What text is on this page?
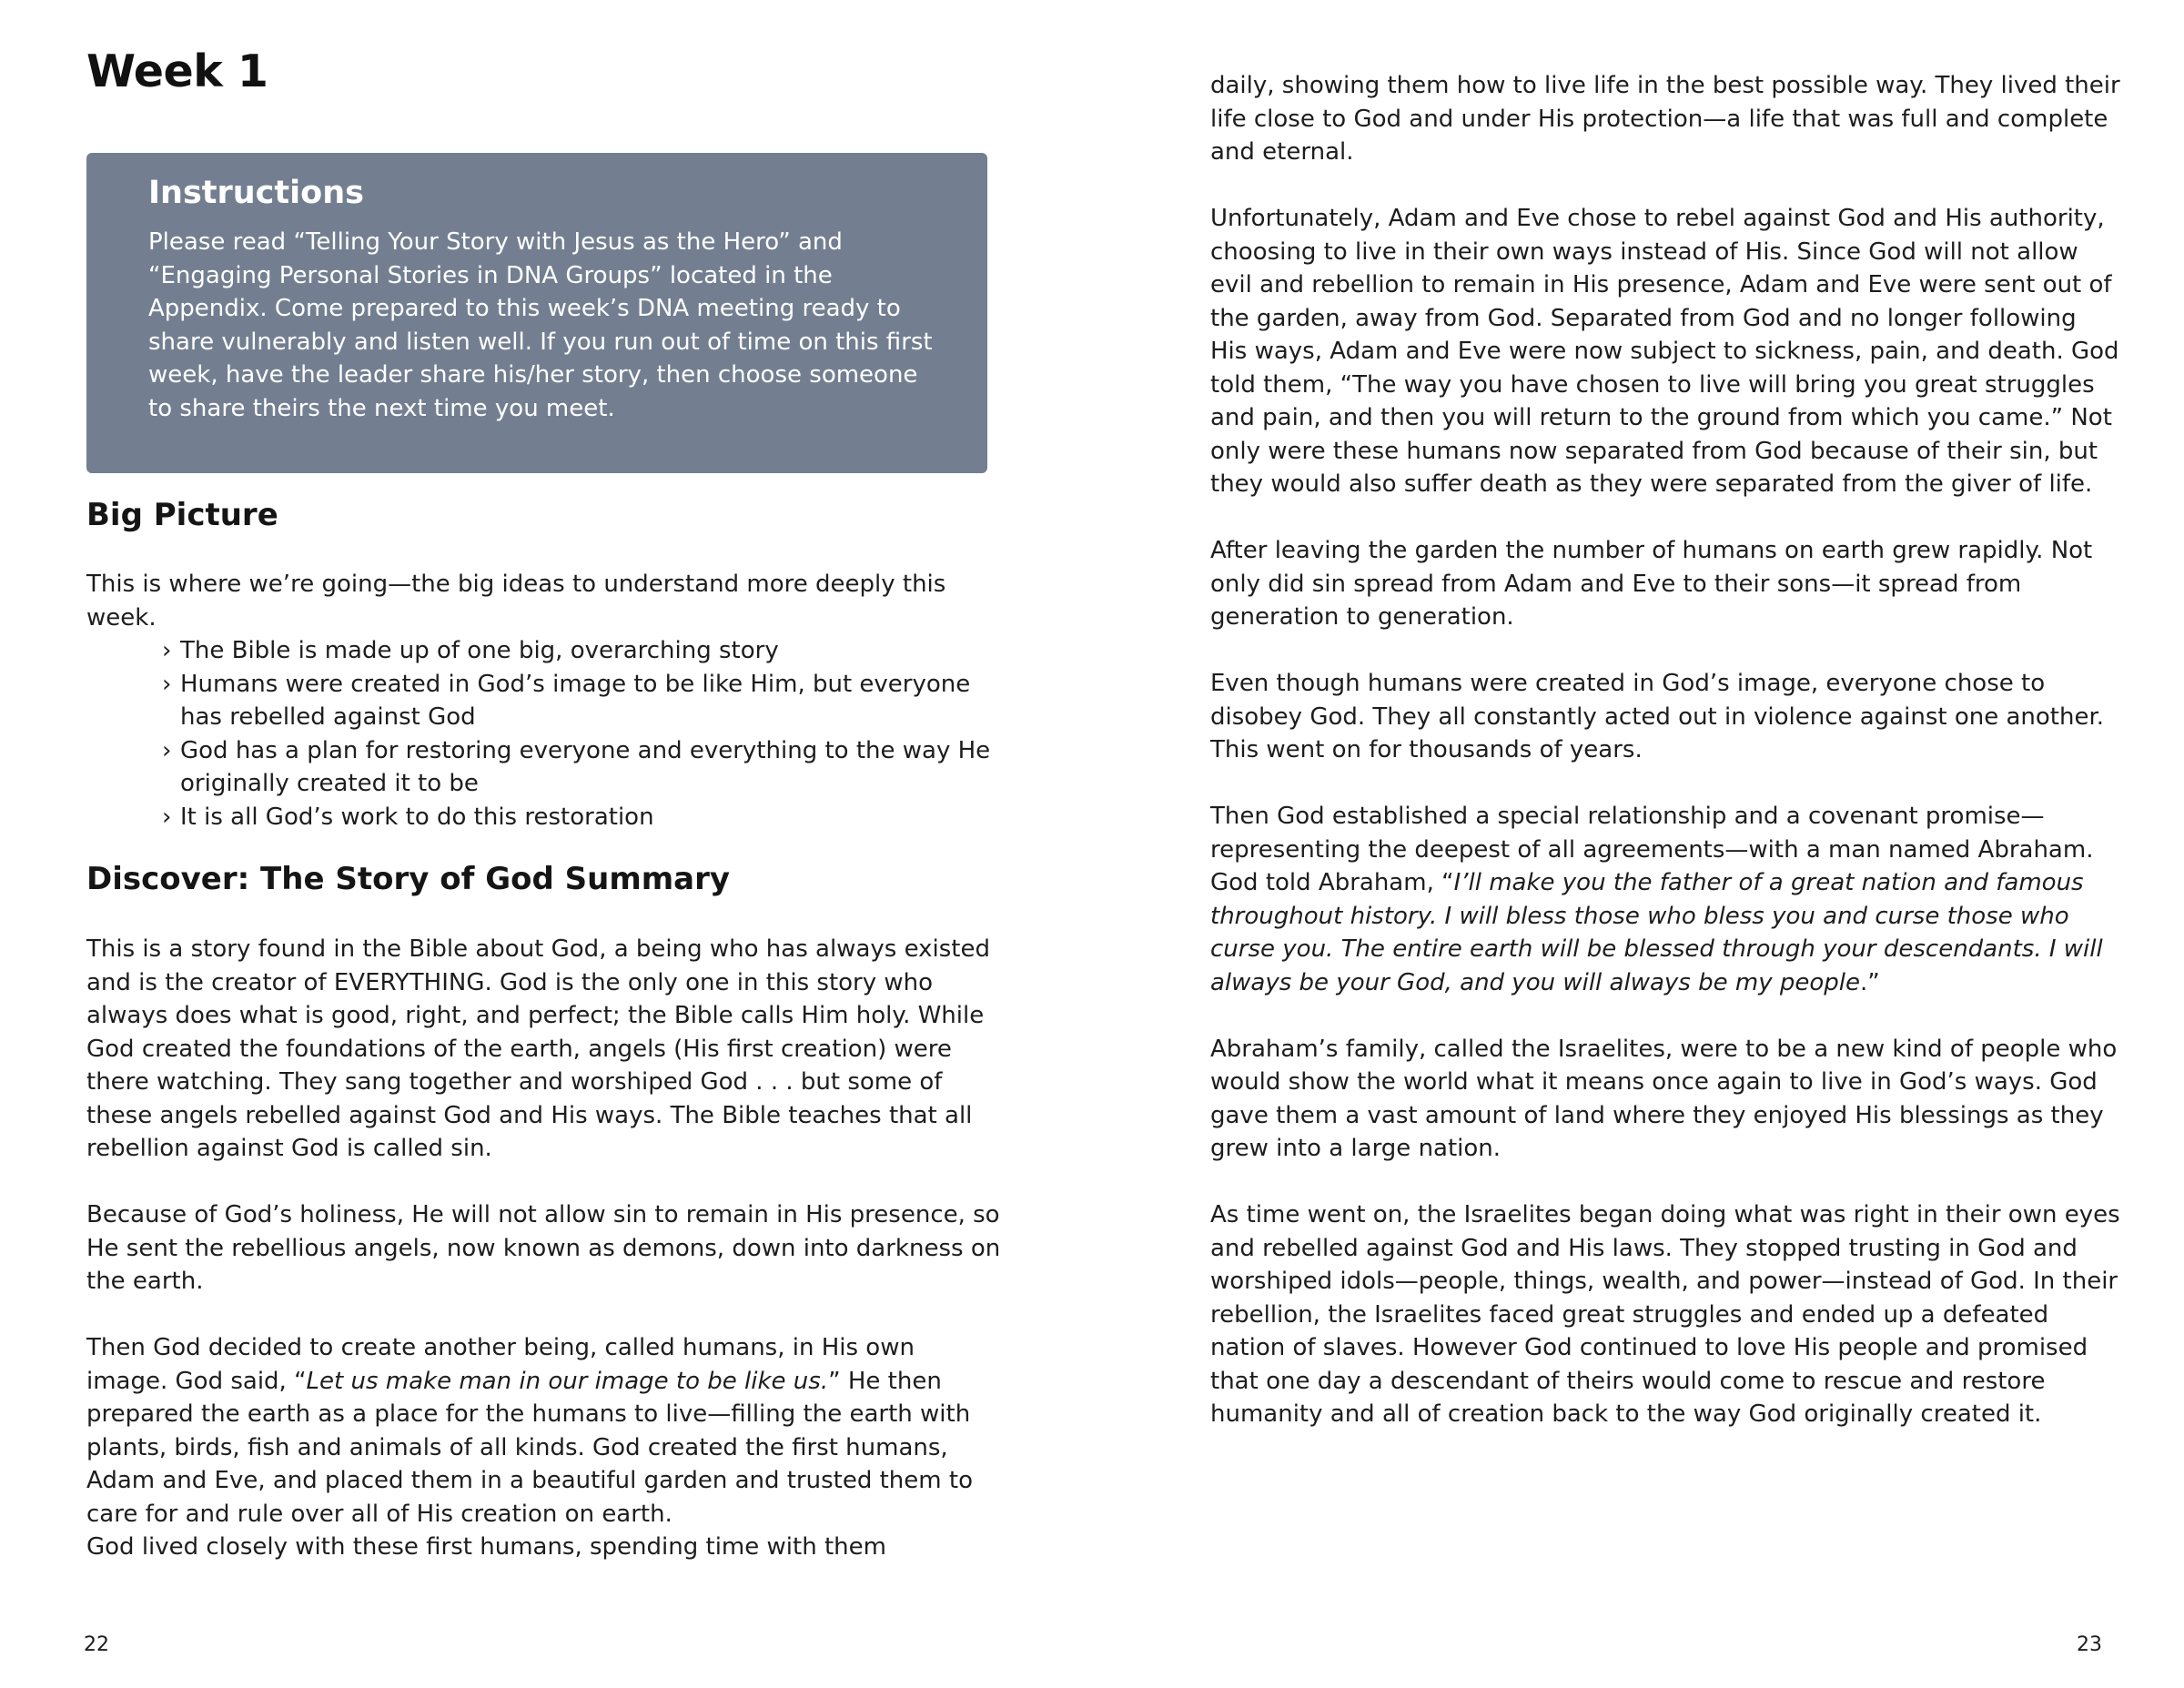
Week 1
Instructions

Please read “Telling Your Story with Jesus as the Hero” and “Engaging Personal Stories in DNA Groups” located in the Appendix. Come prepared to this week’s DNA meeting ready to share vulnerably and listen well. If you run out of time on this first week, have the leader share his/her story, then choose someone to share theirs the next time you meet.

Big Picture

This is where we’re going—the big ideas to understand more deeply this week.

› The Bible is made up of one big, overarching story
› Humans were created in God’s image to be like Him, but everyone has rebelled against God
› God has a plan for restoring everyone and everything to the way He originally created it to be
› It is all God’s work to do this restoration
Discover: The Story of God Summary

This is a story found in the Bible about God, a being who has always existed and is the creator of EVERYTHING. God is the only one in this story who always does what is good, right, and perfect; the Bible calls Him holy. While God created the foundations of the earth, angels (His first creation) were there watching. They sang together and worshiped God . . . but some of these angels rebelled against God and His ways. The Bible teaches that all rebellion against God is called sin.

Because of God’s holiness, He will not allow sin to remain in His presence, so He sent the rebellious angels, now known as demons, down into darkness on the earth.

Then God decided to create another being, called humans, in His own image. God said, “Let us make man in our image to be like us.” He then prepared the earth as a place for the humans to live—filling the earth with plants, birds, fish and animals of all kinds. God created the first humans, Adam and Eve, and placed them in a beautiful garden and trusted them to care for and rule over all of His creation on earth.

God lived closely with these first humans, spending time with them

22

daily, showing them how to live life in the best possible way. They lived their life close to God and under His protection—a life that was full and complete and eternal.

Unfortunately, Adam and Eve chose to rebel against God and His authority, choosing to live in their own ways instead of His. Since God will not allow evil and rebellion to remain in His presence, Adam and Eve were sent out of the garden, away from God. Separated from God and no longer following His ways, Adam and Eve were now subject to sickness, pain, and death. God told them, “The way you have chosen to live will bring you great struggles and pain, and then you will return to the ground from which you came.” Not only were these humans now separated from God because of their sin, but they would also suffer death as they were separated from the giver of life.

After leaving the garden the number of humans on earth grew rapidly. Not only did sin spread from Adam and Eve to their sons—it spread from generation to generation.

Even though humans were created in God’s image, everyone chose to disobey God. They all constantly acted out in violence against one another. This went on for thousands of years.

Then God established a special relationship and a covenant promise—representing the deepest of all agreements—with a man named Abraham. God told Abraham, “I’ll make you the father of a great nation and famous throughout history. I will bless those who bless you and curse those who curse you. The entire earth will be blessed through your descendants. I will always be your God, and you will always be my people.”

Abraham’s family, called the Israelites, were to be a new kind of people who would show the world what it means once again to live in God’s ways. God gave them a vast amount of land where they enjoyed His blessings as they grew into a large nation.

As time went on, the Israelites began doing what was right in their own eyes and rebelled against God and His laws. They stopped trusting in God and worshiped idols—people, things, wealth, and power—instead of God. In their rebellion, the Israelites faced great struggles and ended up a defeated nation of slaves. However God continued to love His people and promised that one day a descendant of theirs would come to rescue and restore humanity and all of creation back to the way God originally created it.

23
